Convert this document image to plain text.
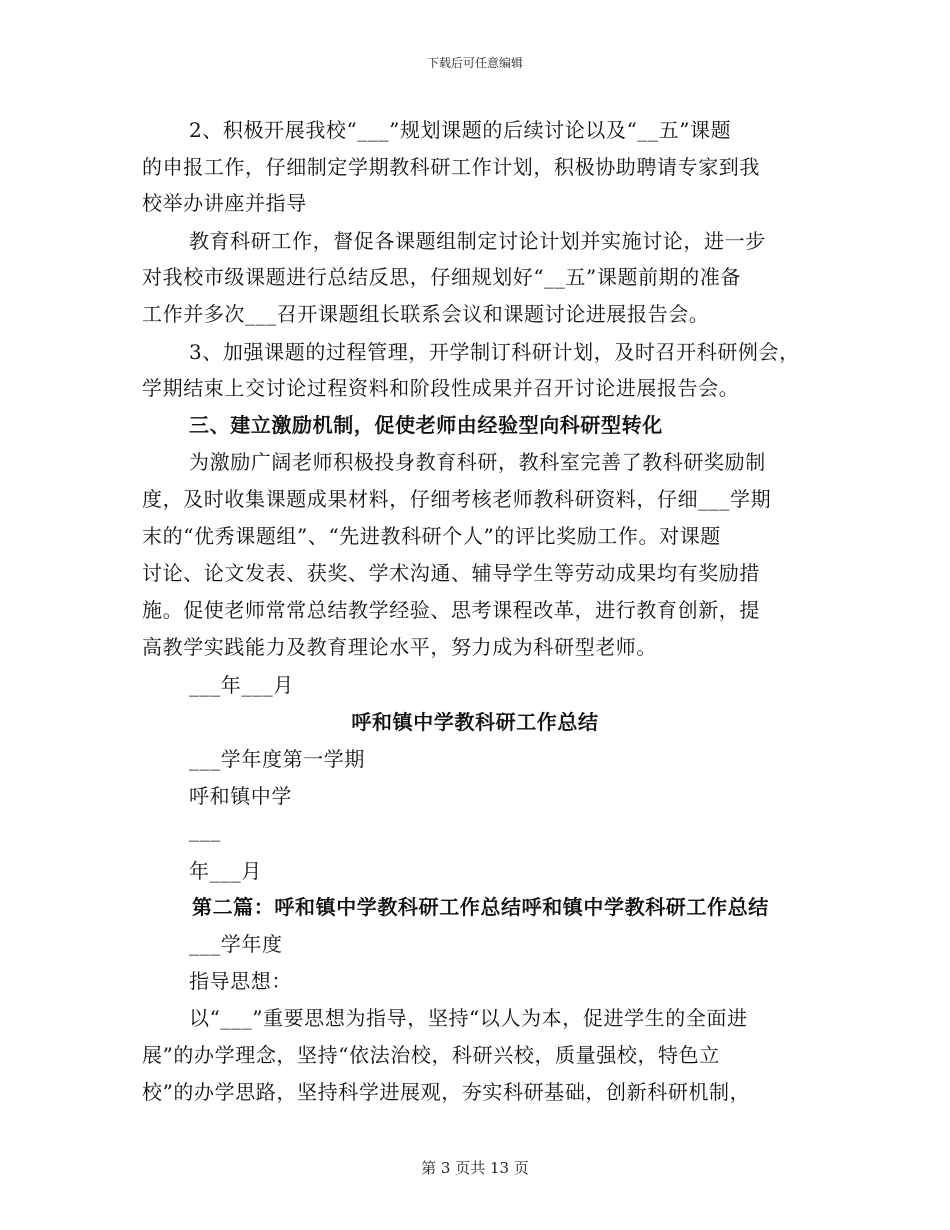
下载后可任意编辑
2、积极开展我校“___”规划课题的后续讨论以及“__五”课题
的申报工作，仔细制定学期教科研工作计划，积极协助聘请专家到我
校举办讲座并指导
教育科研工作，督促各课题组制定讨论计划并实施讨论，进一步
对我校市级课题进行总结反思，仔细规划好“__五”课题前期的准备
工作并多次___召开课题组长联系会议和课题讨论进展报告会。
3、加强课题的过程管理，开学制订科研计划，及时召开科研例会，
学期结束上交讨论过程资料和阶段性成果并召开讨论进展报告会。
三、建立激励机制，促使老师由经验型向科研型转化
为激励广阔老师积极投身教育科研，教科室完善了教科研奖励制
度，及时收集课题成果材料，仔细考核老师教科研资料，仔细___学期
末的“优秀课题组”、“先进教科研个人”的评比奖励工作。对课题
讨论、论文发表、获奖、学术沟通、辅导学生等劳动成果均有奖励措
施。促使老师常常总结教学经验、思考课程改革，进行教育创新，提
高教学实践能力及教育理论水平，努力成为科研型老师。
___年___月
呼和镇中学教科研工作总结
___学年度第一学期
呼和镇中学
___
年___月
第二篇：呼和镇中学教科研工作总结呼和镇中学教科研工作总结
___学年度
指导思想：
以“___”重要思想为指导，坚持“以人为本，促进学生的全面进
展”的办学理念，坚持“依法治校，科研兴校，质量强校，特色立
校”的办学思路，坚持科学进展观，夯实科研基础，创新科研机制，
第 3 页共 13 页
